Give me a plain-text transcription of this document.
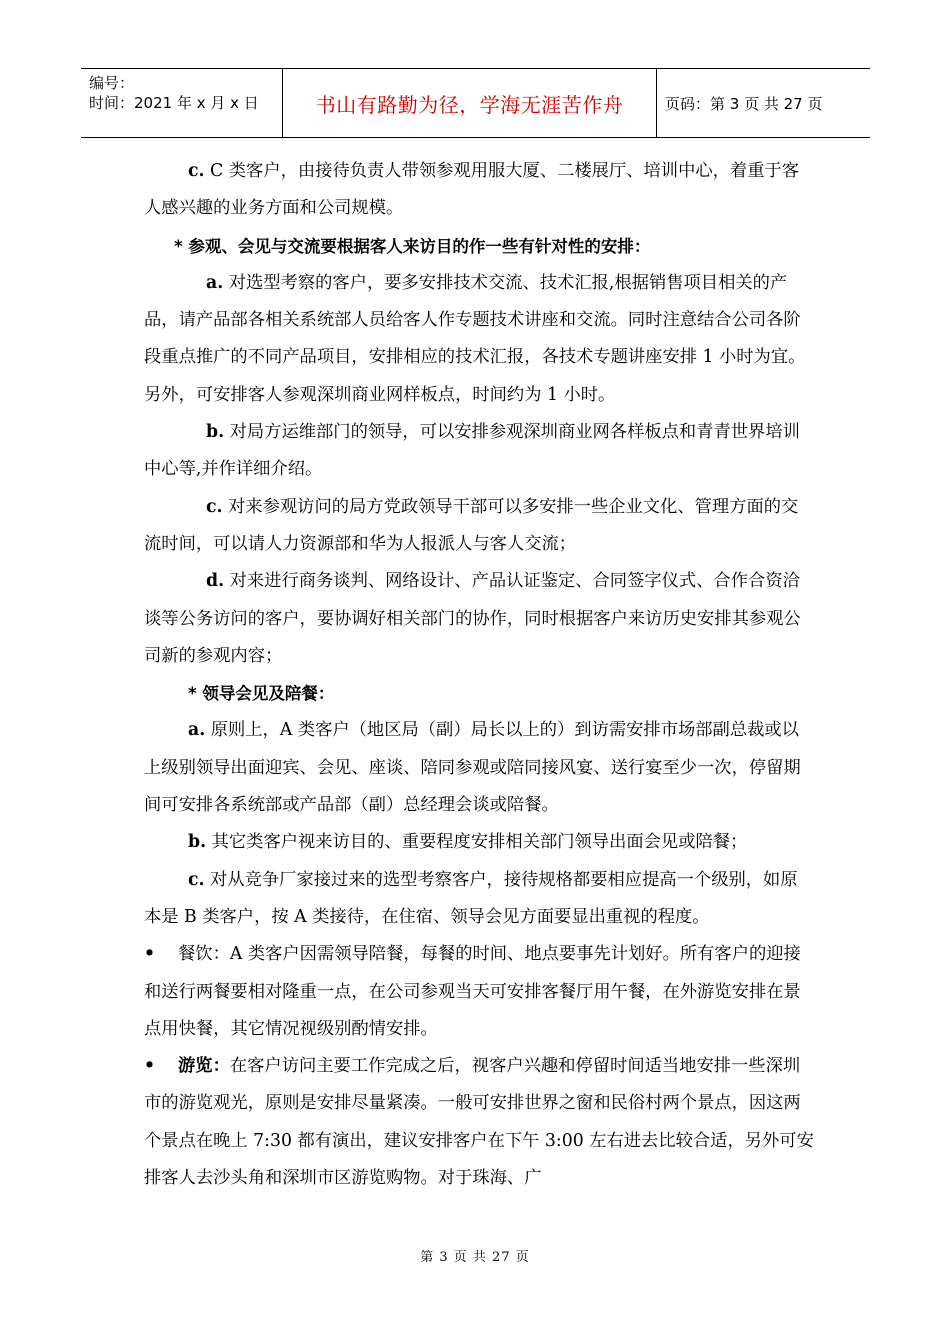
编号：
时间：2021 年 x 月 x 日	书山有路勤为径，学海无涯苦作舟	页码：第 3 页 共 27 页

c. C 类客户，由接待负责人带领参观用服大厦、二楼展厅、培训中心，着重于客人感兴趣的业务方面和公司规模。

* 参观、会见与交流要根据客人来访目的作一些有针对性的安排：

a. 对选型考察的客户，要多安排技术交流、技术汇报,根据销售项目相关的产品，请产品部各相关系统部人员给客人作专题技术讲座和交流。同时注意结合公司各阶段重点推广的不同产品项目，安排相应的技术汇报，各技术专题讲座安排 1 小时为宜。另外，可安排客人参观深圳商业网样板点，时间约为 1 小时。

b. 对局方运维部门的领导，可以安排参观深圳商业网各样板点和青青世界培训中心等,并作详细介绍。

c. 对来参观访问的局方党政领导干部可以多安排一些企业文化、管理方面的交流时间，可以请人力资源部和华为人报派人与客人交流；

d. 对来进行商务谈判、网络设计、产品认证鉴定、合同签字仪式、合作合资洽谈等公务访问的客户，要协调好相关部门的协作，同时根据客户来访历史安排其参观公司新的参观内容；

* 领导会见及陪餐：

a. 原则上，A 类客户（地区局（副）局长以上的）到访需安排市场部副总裁或以上级别领导出面迎宾、会见、座谈、陪同参观或陪同接风宴、送行宴至少一次，停留期间可安排各系统部或产品部（副）总经理会谈或陪餐。

b. 其它类客户视来访目的、重要程度安排相关部门领导出面会见或陪餐；

c. 对从竞争厂家接过来的选型考察客户，接待规格都要相应提高一个级别，如原本是 B 类客户，按 A 类接待，在住宿、领导会见方面要显出重视的程度。

• 餐饮：A 类客户因需领导陪餐，每餐的时间、地点要事先计划好。所有客户的迎接和送行两餐要相对隆重一点，在公司参观当天可安排客餐厅用午餐，在外游览安排在景点用快餐，其它情况视级别酌情安排。

• 游览：在客户访问主要工作完成之后，视客户兴趣和停留时间适当地安排一些深圳市的游览观光，原则是安排尽量紧凑。一般可安排世界之窗和民俗村两个景点，因这两个景点在晚上 7:30 都有演出，建议安排客户在下午 3:00 左右进去比较合适，另外可安排客人去沙头角和深圳市区游览购物。对于珠海、广

第 3 页 共 27 页
